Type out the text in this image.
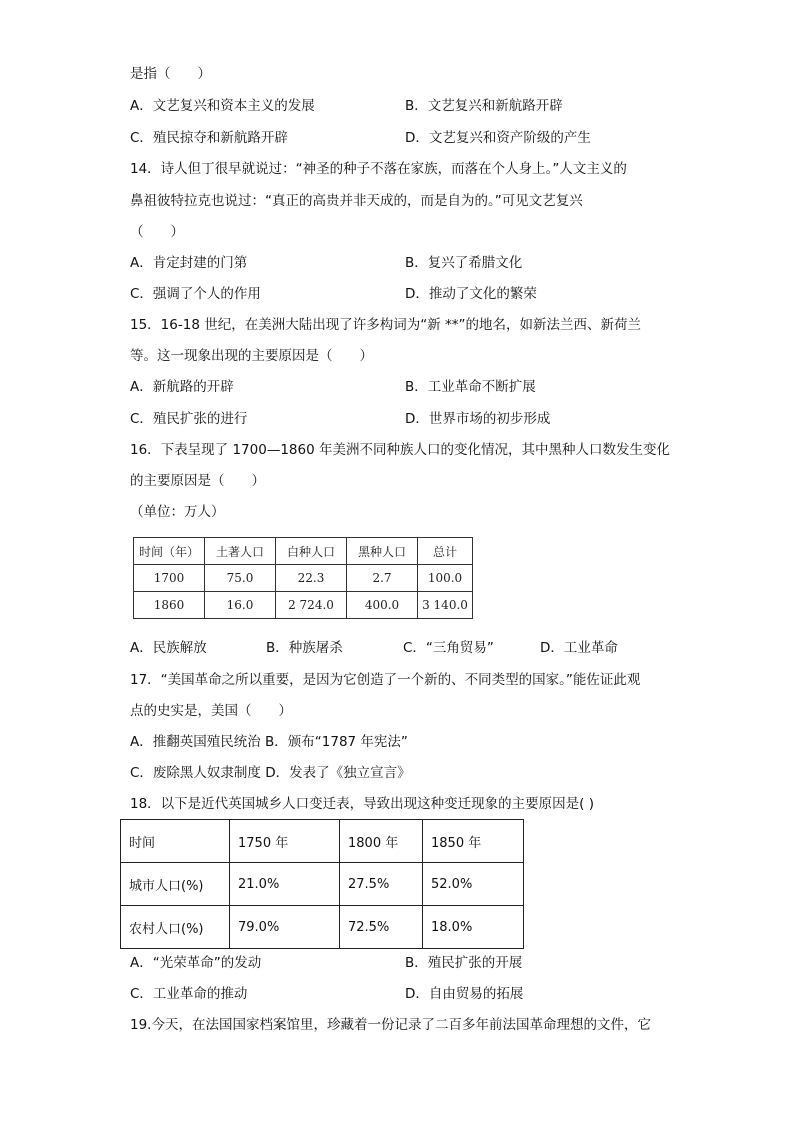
是指（　　）
A．文艺复兴和资本主义的发展	B．文艺复兴和新航路开辟
C．殖民掠夺和新航路开辟	D．文艺复兴和资产阶级的产生
14．诗人但丁很早就说过：“神圣的种子不落在家族，而落在个人身上。”人文主义的
鼻祖彼特拉克也说过：“真正的高贵并非天成的，而是自为的。”可见文艺复兴
（　　）
A．肯定封建的门第	B．复兴了希腊文化
C．强调了个人的作用	D．推动了文化的繁荣
15．16-18 世纪，在美洲大陆出现了许多构词为“新 **”的地名，如新法兰西、新荷兰
等。这一现象出现的主要原因是（　　）
A．新航路的开辟	B．工业革命不断扩展
C．殖民扩张的进行	D．世界市场的初步形成
16．下表呈现了 1700—1860 年美洲不同种族人口的变化情况，其中黑种人口数发生变化
的主要原因是（　　）
（单位：万人）
时间（年）	土著人口	白种人口	黑种人口	总计
1700	75.0	22.3	2.7	100.0
1860	16.0	2 724.0	400.0	3 140.0
A．民族解放	B．种族屠杀	C．“三角贸易”	D．工业革命
17．“美国革命之所以重要，是因为它创造了一个新的、不同类型的国家。”能佐证此观
点的史实是，美国（　　）
A．推翻英国殖民统治 B．颁布“1787 年宪法”
C．废除黑人奴隶制度 D．发表了《独立宣言》
18．以下是近代英国城乡人口变迁表，导致出现这种变迁现象的主要原因是( )
时间	1750 年	1800 年	1850 年
城市人口(%)	21.0%	27.5%	52.0%
农村人口(%)	79.0%	72.5%	18.0%
A．“光荣革命”的发动	B．殖民扩张的开展
C．工业革命的推动	D．自由贸易的拓展
19.今天，在法国国家档案馆里，珍藏着一份记录了二百多年前法国革命理想的文件，它
